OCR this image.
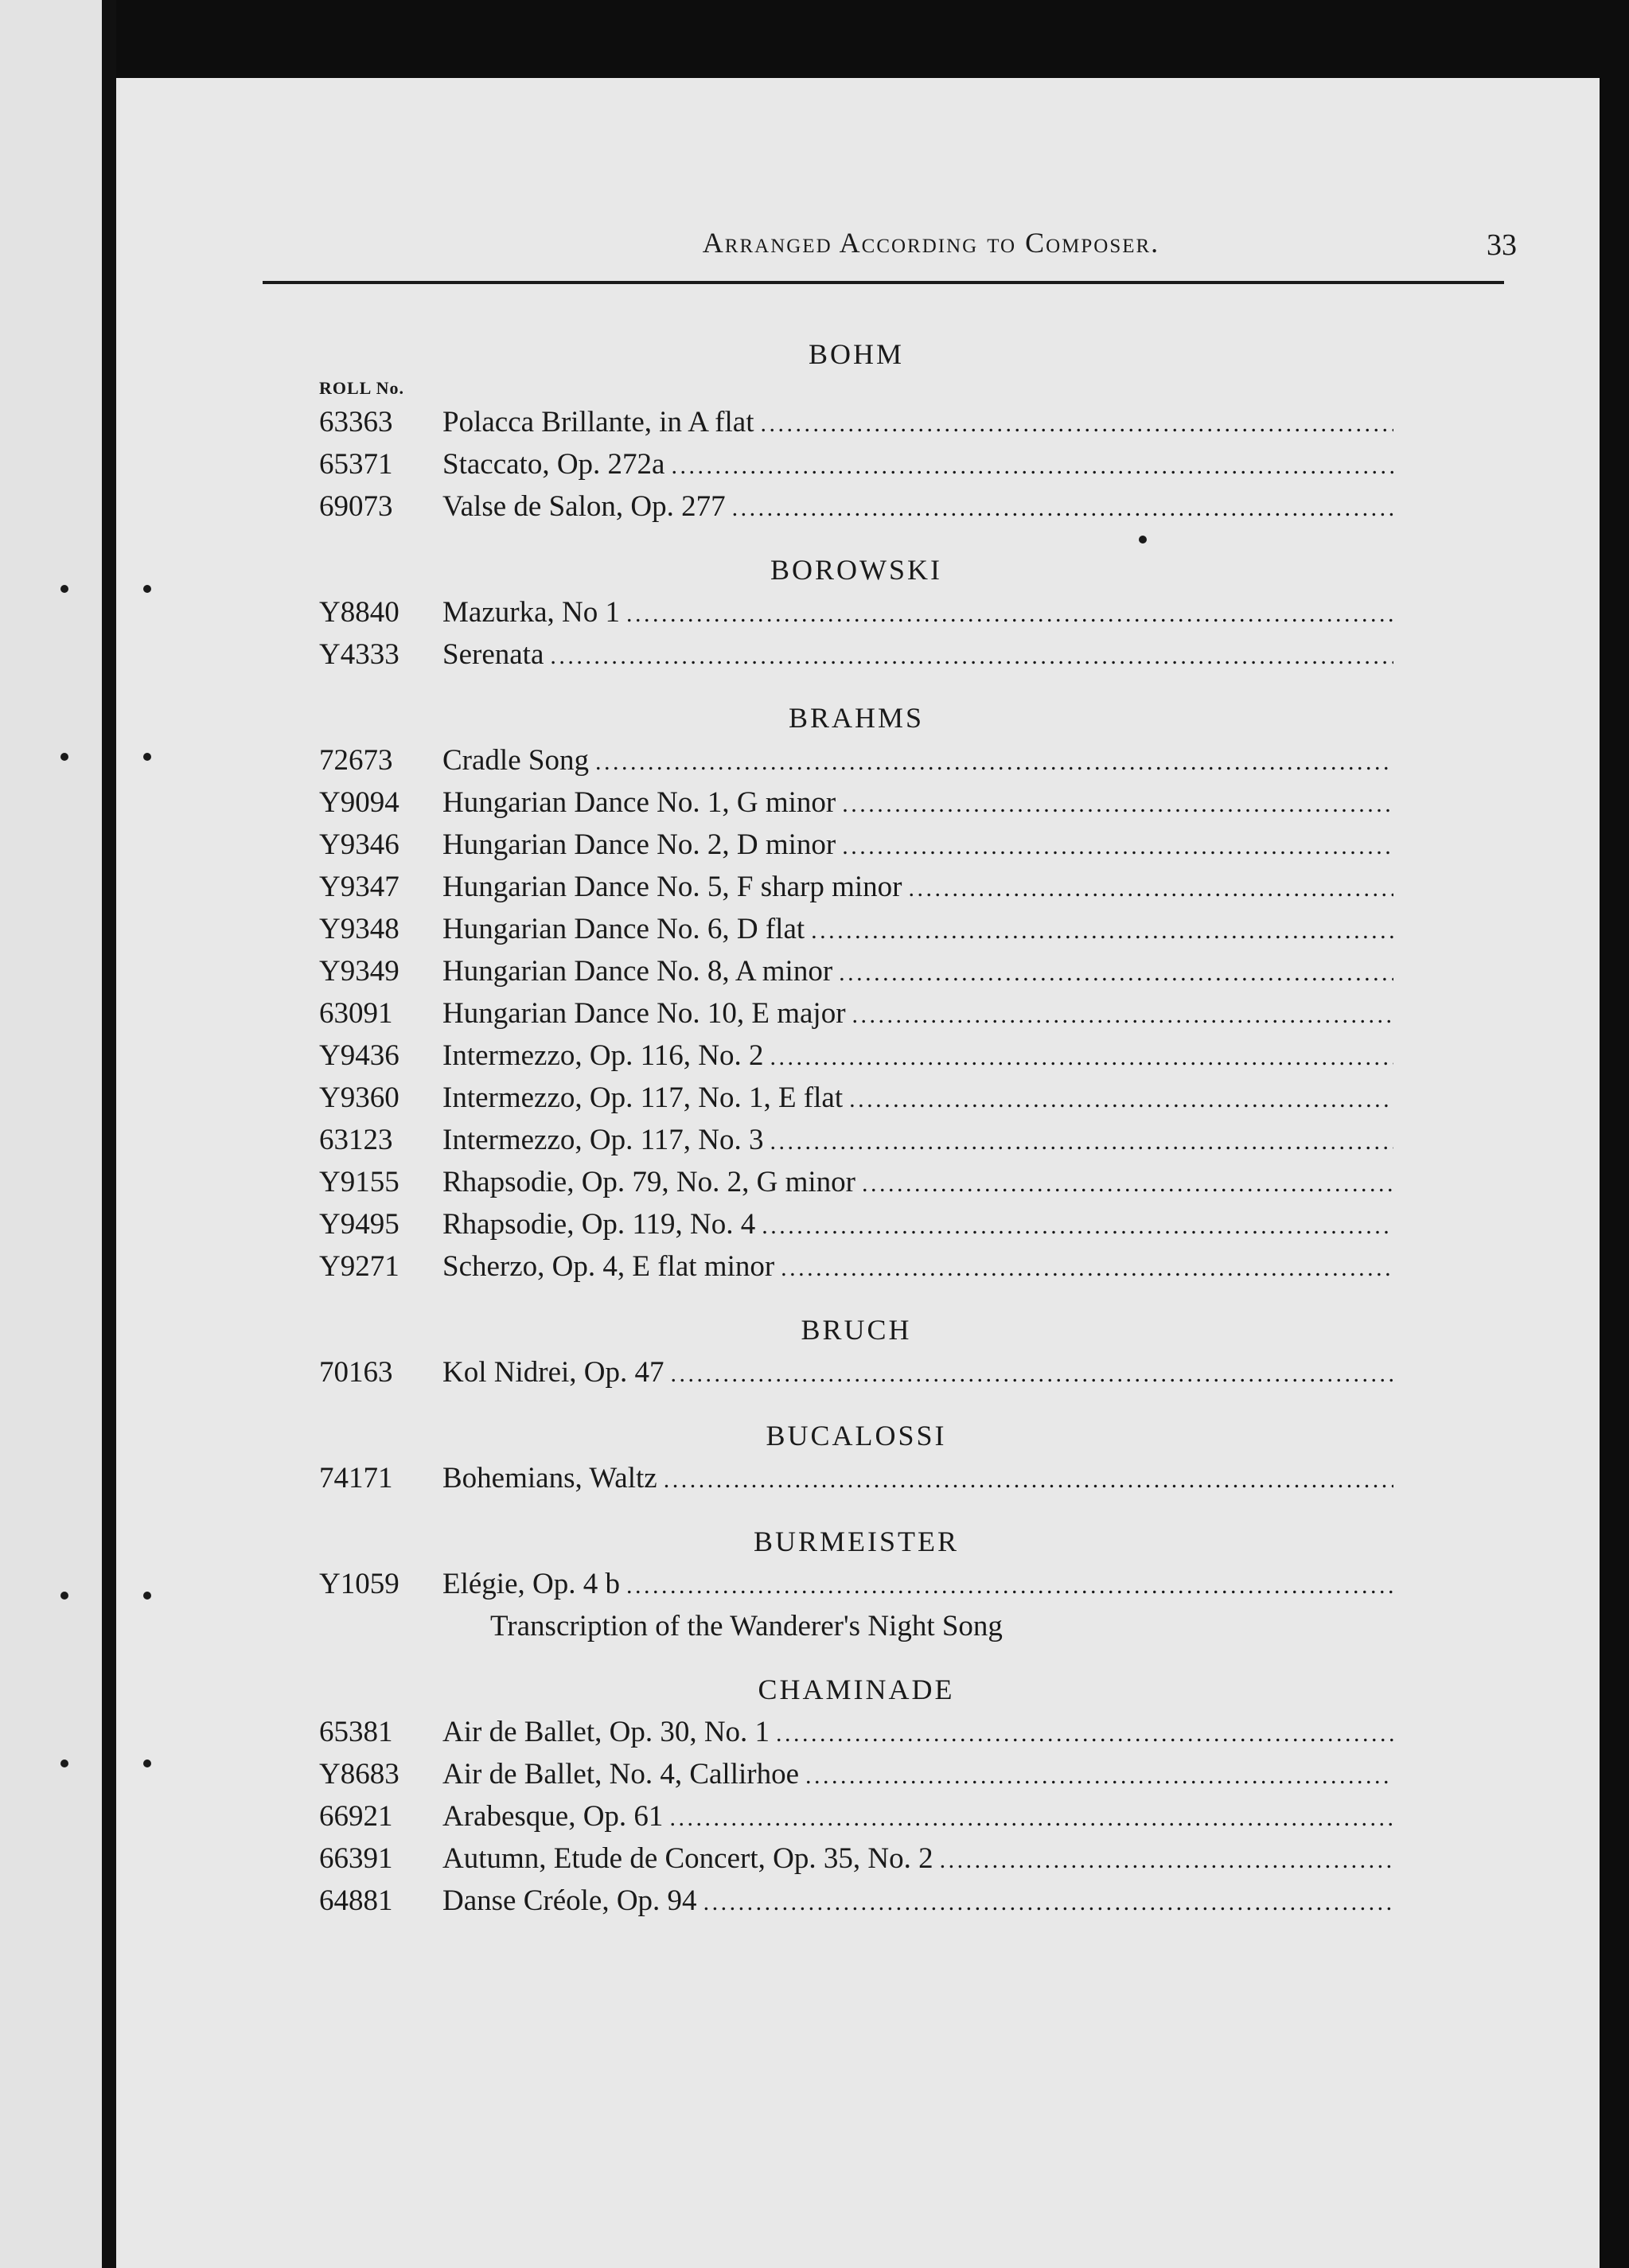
Arranged According to Composer.	33
BOHM
ROLL No.
63363	Polacca Brillante, in A flat
. . .
65371	Staccato, Op. 272a
. . .
69073	Valse de Salon, Op. 277
. . .
BOROWSKI
Y8840	Mazurka, No 1
. . .
Y4333	Serenata
. . .
BRAHMS
72673	Cradle Song
. . .
Y9094	Hungarian Dance No. 1, G minor
. . .
Y9346	Hungarian Dance No. 2, D minor
. . .
Y9347	Hungarian Dance No. 5, F sharp minor
. . .
Y9348	Hungarian Dance No. 6, D flat
. . .
Y9349	Hungarian Dance No. 8, A minor
. . .
63091	Hungarian Dance No. 10, E major
. . .
Y9436	Intermezzo, Op. 116, No. 2
. . .
Y9360	Intermezzo, Op. 117, No. 1, E flat
. . .
63123	Intermezzo, Op. 117, No. 3
. . .
Y9155	Rhapsodie, Op. 79, No. 2, G minor
. . .
Y9495	Rhapsodie, Op. 119, No. 4
. . .
Y9271	Scherzo, Op. 4, E flat minor
. . .
BRUCH
70163	Kol Nidrei, Op. 47
. . .
BUCALOSSI
74171	Bohemians, Waltz
. . .
BURMEISTER
Y1059	Elégie, Op. 4 b
. . .
Transcription of the Wanderer's Night Song
CHAMINADE
65381	Air de Ballet, Op. 30, No. 1
. . .
Y8683	Air de Ballet, No. 4, Callirhoe
. . .
66921	Arabesque, Op. 61
. . .
66391	Autumn, Etude de Concert, Op. 35, No. 2
. . .
64881	Danse Créole, Op. 94
. . .
